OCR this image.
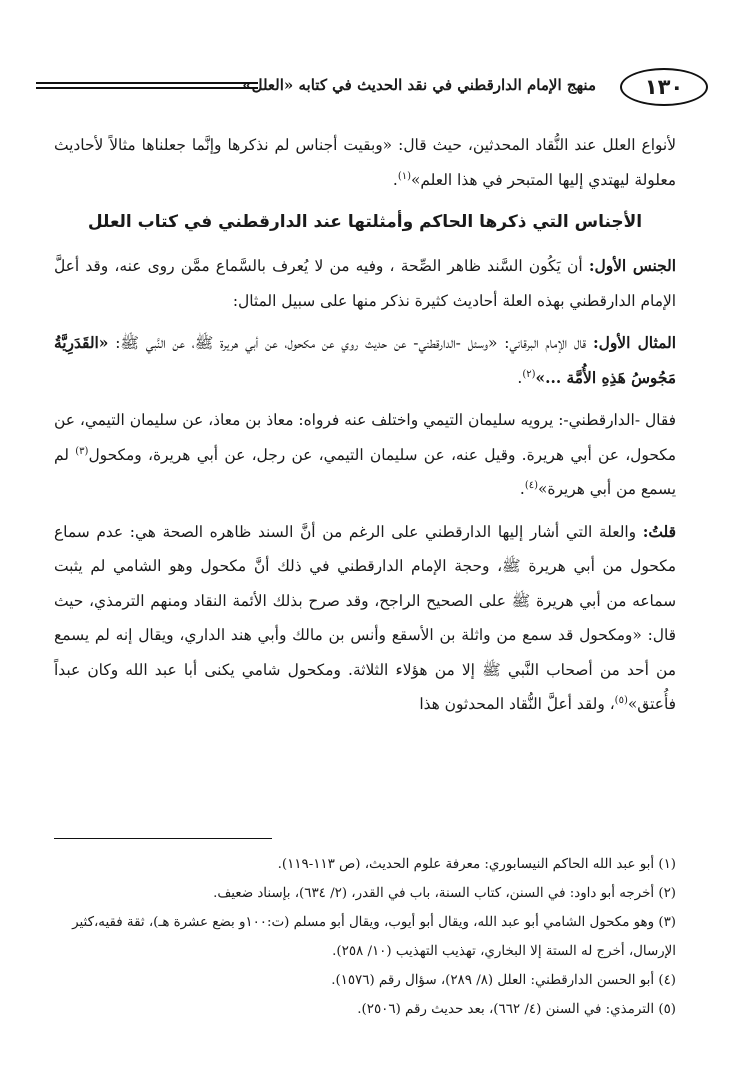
١٣٠
منهج الإمام الدارقطني في نقد الحديث في كتابه «العلل»

لأنواع العلل عند النُّقاد المحدثين، حيث قال: «وبقيت أجناس لم نذكرها وإنَّما جعلناها مثالاً لأحاديث معلولة ليهتدي إليها المتبحر في هذا العلم»$^{(١)}$.

الأجناس التي ذكرها الحاكم وأمثلتها عند الدارقطني في كتاب العلل

الجنس الأول: أن يَكُون السَّند ظاهر الصِّحة ، وفيه من لا يُعرف بالسَّماع ممَّن روى عنه، وقد أعلَّ الإمام الدارقطني بهذه العلة أحاديث كثيرة نذكر منها على سبيل المثال:

المثال الأول: قال الإمام البرقاني: «وسئل -الدارقطني- عن حديث روي عن مكحول، عن أبي هريرة ﷺ، عن النَّبي ﷺ: «القَدَرِيَّةُ مَجُوسُ هَذِهِ الأُمَّة ...»$^{(٢)}$.

فقال -الدارقطني-: يرويه سليمان التيمي واختلف عنه فرواه: معاذ بن معاذ، عن سليمان التيمي، عن مكحول، عن أبي هريرة. وقيل عنه، عن سليمان التيمي، عن رجل، عن أبي هريرة، ومكحول$^{(٣)}$ لم يسمع من أبي هريرة»$^{(٤)}$.

قلتُ: والعلة التي أشار إليها الدارقطني على الرغم من أنَّ السند ظاهره الصحة هي: عدم سماع مكحول من أبي هريرة ﷺ، وحجة الإمام الدارقطني في ذلك أنَّ مكحول وهو الشامي لم يثبت سماعه من أبي هريرة ﷺ على الصحيح الراجح، وقد صرح بذلك الأئمة النقاد ومنهم الترمذي، حيث قال: «ومكحول قد سمع من واثلة بن الأسقع وأنس بن مالك وأبي هند الداري، ويقال إنه لم يسمع من أحد من أصحاب النَّبي ﷺ إلا من هؤلاء الثلاثة. ومكحول شامي يكنى أبا عبد الله وكان عبداً فأُعتق»$^{(٥)}$، ولقد أعلَّ النُّقاد المحدثون هذا

(١) أبو عبد الله الحاكم النيسابوري: معرفة علوم الحديث، (ص ١١٣-١١٩).

(٢) أخرجه أبو داود: في السنن، كتاب السنة، باب في القدر، (٢/ ٦٣٤)، بإسناد ضعيف.

(٣) وهو مكحول الشامي أبو عبد الله، ويقال أبو أيوب، ويقال أبو مسلم (ت:١٠٠و بضع عشرة هـ)، ثقة فقيه،كثير الإرسال، أخرج له الستة إلا البخاري، تهذيب التهذيب (١٠/ ٢٥٨).

(٤) أبو الحسن الدارقطني: العلل (٨/ ٢٨٩)، سؤال رقم (١٥٧٦).

(٥) الترمذي: في السنن (٤/ ٦٦٢)، بعد حديث رقم (٢٥٠٦).
